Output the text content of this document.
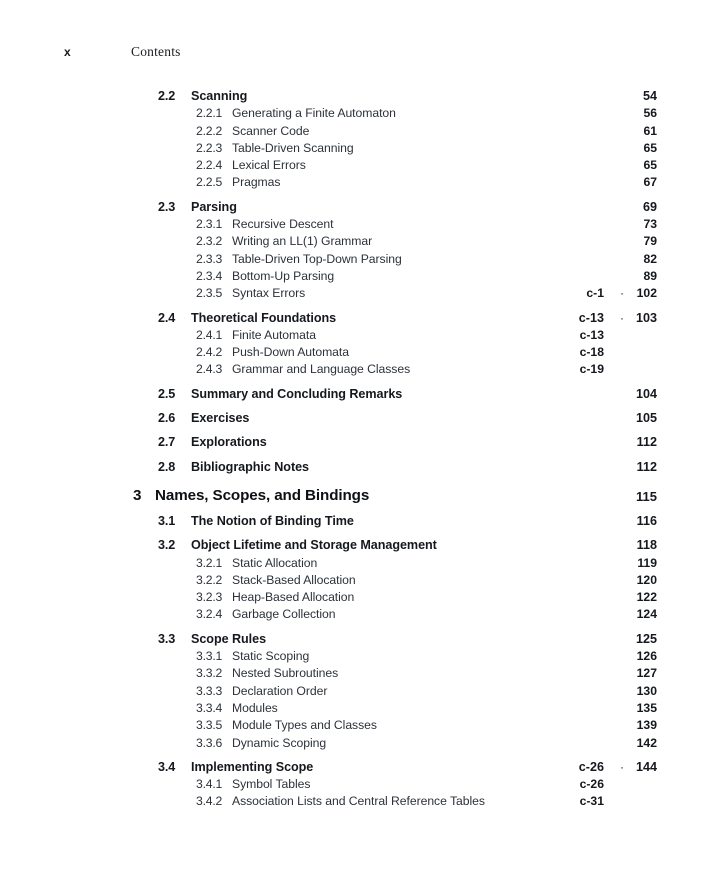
x	Contents
2.2 Scanning	54
2.2.1 Generating a Finite Automaton	56
2.2.2 Scanner Code	61
2.2.3 Table-Driven Scanning	65
2.2.4 Lexical Errors	65
2.2.5 Pragmas	67
2.3 Parsing	69
2.3.1 Recursive Descent	73
2.3.2 Writing an LL(1) Grammar	79
2.3.3 Table-Driven Top-Down Parsing	82
2.3.4 Bottom-Up Parsing	89
2.3.5 Syntax Errors	c-1	·	102
2.4 Theoretical Foundations	c-13	· 103
2.4.1 Finite Automata	c-13
2.4.2 Push-Down Automata	c-18
2.4.3 Grammar and Language Classes	c-19
2.5 Summary and Concluding Remarks	104
2.6 Exercises	105
2.7 Explorations	112
2.8 Bibliographic Notes	112
3 Names, Scopes, and Bindings	115
3.1 The Notion of Binding Time	116
3.2 Object Lifetime and Storage Management	118
3.2.1 Static Allocation	119
3.2.2 Stack-Based Allocation	120
3.2.3 Heap-Based Allocation	122
3.2.4 Garbage Collection	124
3.3 Scope Rules	125
3.3.1 Static Scoping	126
3.3.2 Nested Subroutines	127
3.3.3 Declaration Order	130
3.3.4 Modules	135
3.3.5 Module Types and Classes	139
3.3.6 Dynamic Scoping	142
3.4 Implementing Scope	c-26	· 144
3.4.1 Symbol Tables	c-26
3.4.2 Association Lists and Central Reference Tables	c-31
